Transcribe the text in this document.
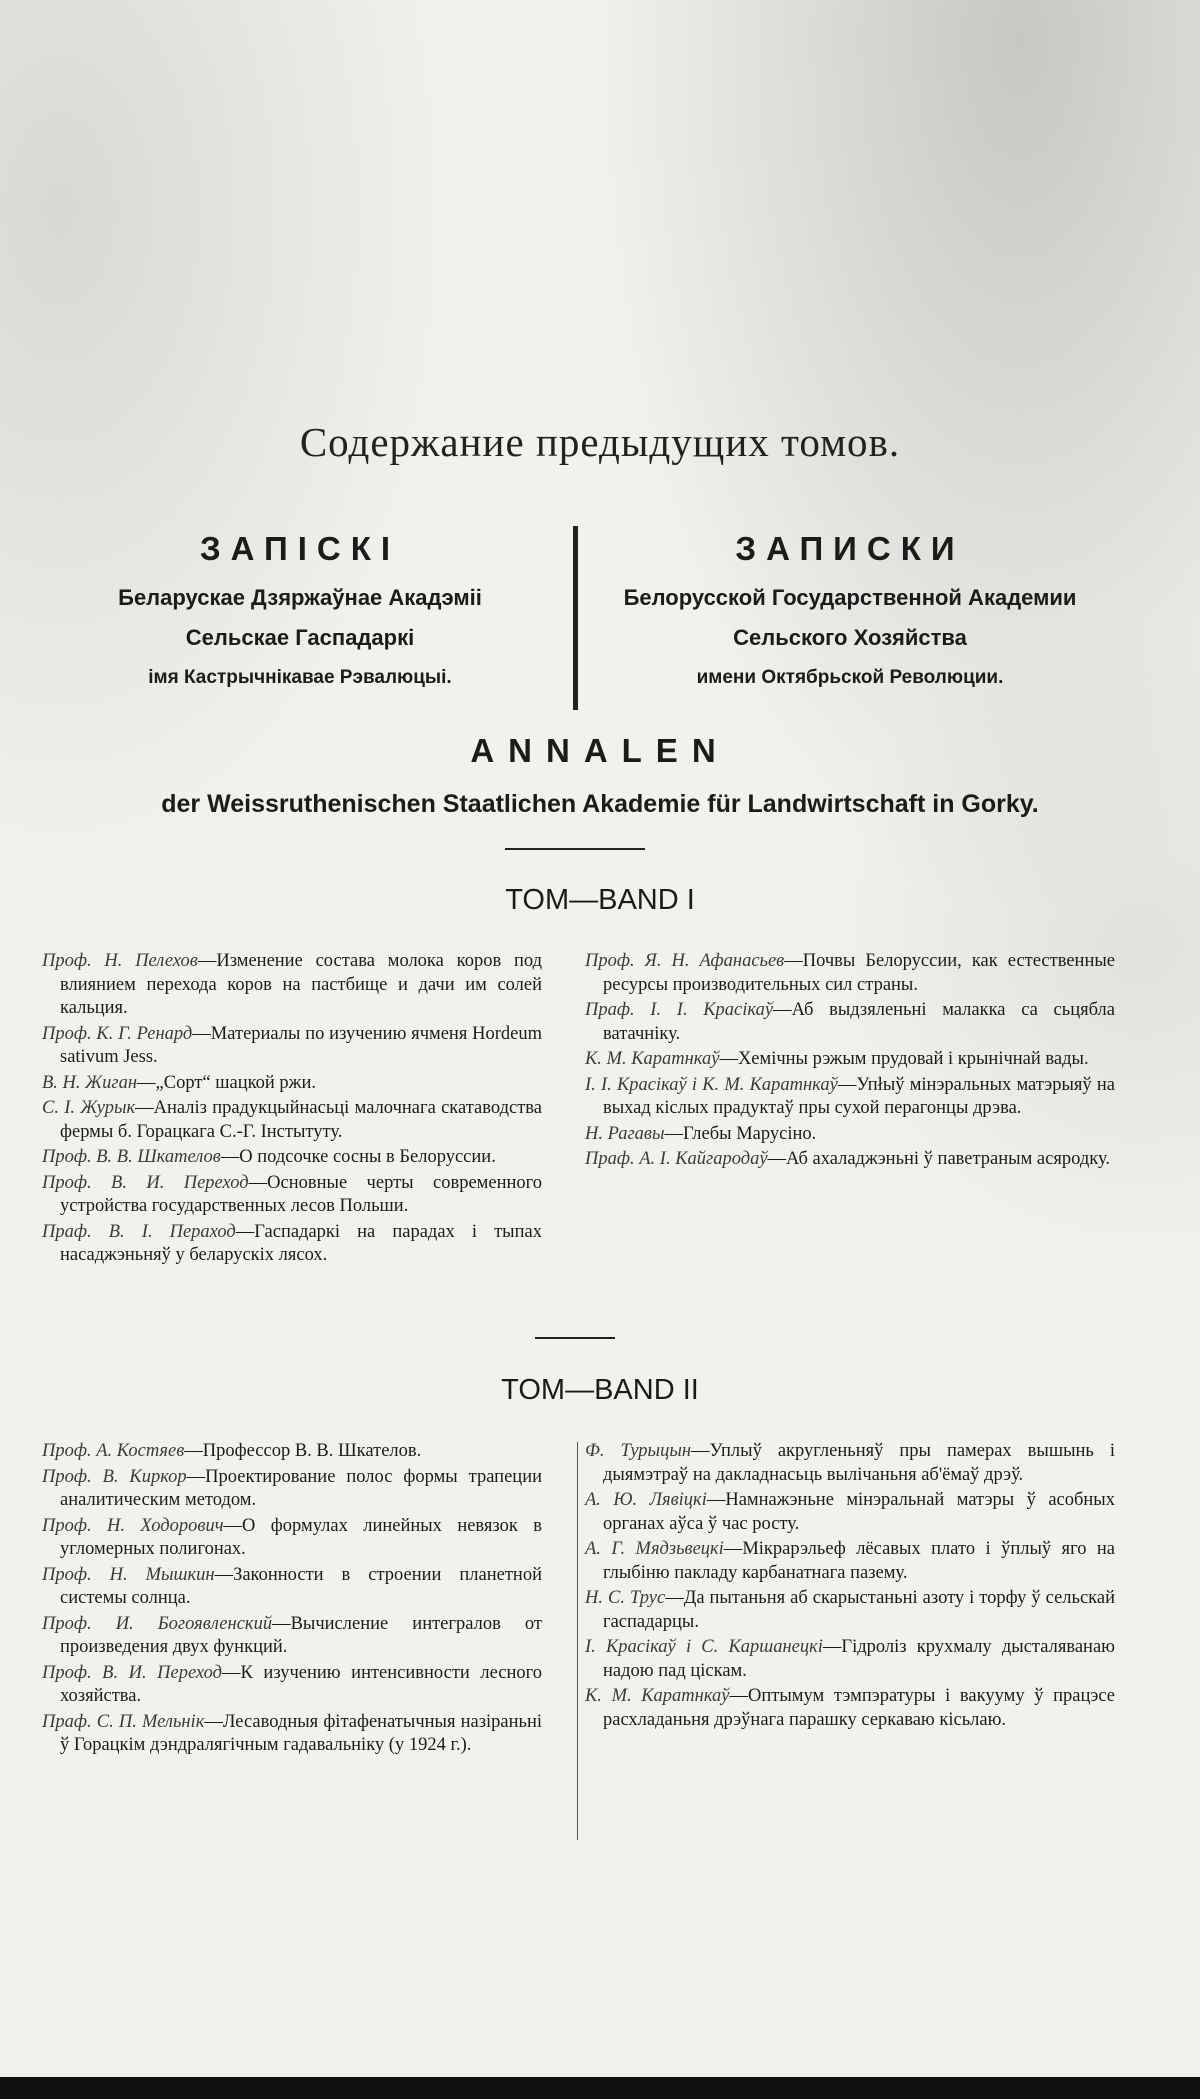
Содержание предыдущих томов.
ЗАПІСКІ
Беларускае Дзяржаўнае Акадэміі
Сельскае Гаспадаркі
імя Кастрычнікавае Рэвалюцыі.
ЗАПИСКИ
Белорусской Государственной Академии
Сельского Хозяйства
имени Октябрьской Революции.
ANNALEN
der Weissruthenischen Staatlichen Akademie für Landwirtschaft in Gorky.
TOM—BAND I

Проф. Н. Пелехов—Изменение состава молока коров под влиянием перехода коров на пастбище и дачи им солей кальция.

Проф. К. Г. Ренард—Материалы по изучению ячменя Hordeum sativum Jess.

В. Н. Жиган—„Сорт“ шацкой ржи.

С. І. Журык—Аналіз прадукцыйнасьці малочнага скатаводства фермы б. Горацкага С.-Г. Інстытуту.

Проф. В. В. Шкателов—О подсочке сосны в Белоруссии.

Проф. В. И. Переход—Основные черты современного устройства государственных лесов Польши.

Праф. В. І. Пераход—Гаспадаркі на парадах і тыпах насаджэньняў у беларускіх лясох.

Проф. Я. Н. Афанасьев—Почвы Белоруссии, как естественные ресурсы производительных сил страны.

Праф. І. І. Красікаў—Аб выдзяленьні малакка са сьцябла ватачніку.

К. М. Каратнкаў—Хемічны рэжым прудовай і крынічнай вады.

І. І. Красікаў і К. М. Каратнкаў—Упłыў мінэральных матэрыяў на выхад кіслых прадуктаў пры сухой перагонцы дрэва.

Н. Рагавы—Глебы Марусіно.

Праф. А. І. Кайгародаў—Аб ахаладжэньні ў паветраным асяродку.

TOM—BAND II

Проф. А. Костяев—Профессор В. В. Шкателов.

Проф. В. Киркор—Проектирование полос формы трапеции аналитическим методом.

Проф. Н. Ходорович—О формулах линейных невязок в угломерных полигонах.

Проф. Н. Мышкин—Законности в строении планетной системы солнца.

Проф. И. Богоявленский—Вычисление интегралов от произведения двух функций.

Проф. В. И. Переход—К изучению интенсивности лесного хозяйства.

Праф. С. П. Мельнік—Лесаводныя фітафенатычныя назіраньні ў Горацкім дэндралягічным гадавальніку (у 1924 г.).

Ф. Турыцын—Уплыў акругленьняў пры памерах вышынь і дыямэтраў на дакладнасьць вылічаньня аб'ёмаў дрэў.

А. Ю. Лявіцкі—Намнажэньне мінэральнай матэры ў асобных органах аўса ў час росту.

А. Г. Мядзьвецкі—Мікрарэльеф лёсавых плато і ўплыў яго на глыбіню пакладу карбанатнага пазему.

Н. С. Трус—Да пытаньня аб скарыстаньні азоту і торфу ў сельскай гаспадарцы.

І. Красікаў і С. Каршанецкі—Гідроліз крухмалу дысталяванаю надою пад ціскам.

К. М. Каратнкаў—Оптымум тэмпэратуры і вакууму ў працэсе расхладаньня дрэўнага парашку серкаваю кісьлаю.
